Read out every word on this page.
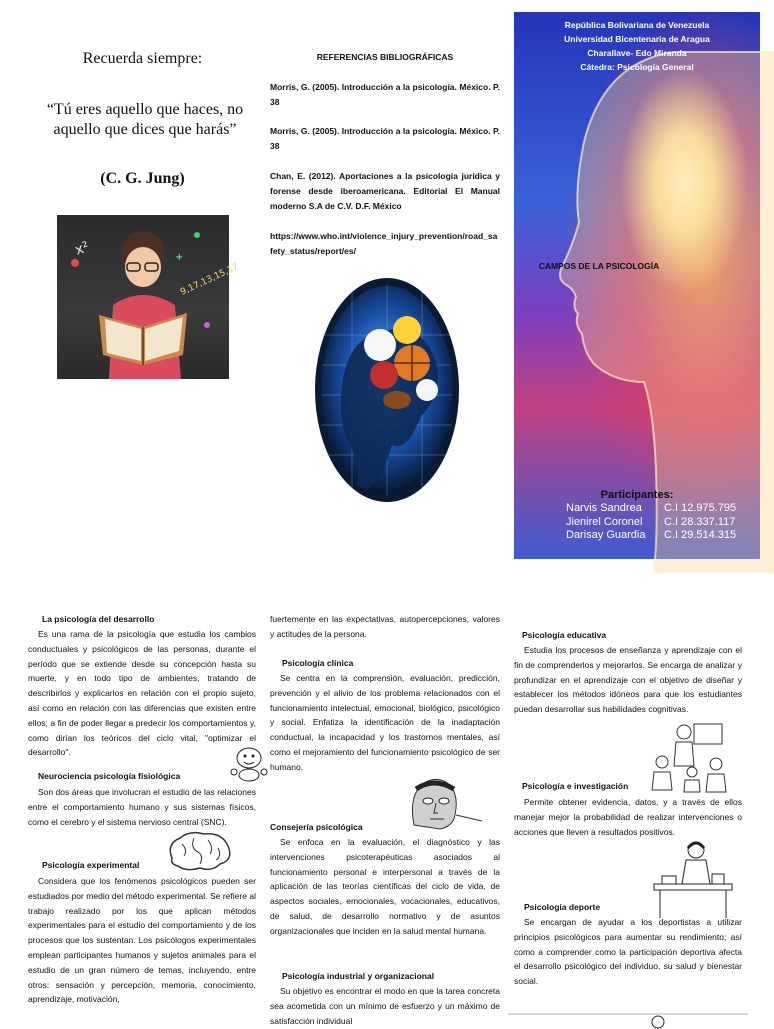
Recuerda siempre:
“Tú eres aquello que haces, no aquello que dices que harás”
(C. G. Jung)
x²	+
9,17,13,15,17
REFERENCIAS BIBLIOGRÁFICAS
Morris, G. (2005). Introducción a la psicología. México. P. 38
Morris, G. (2005). Introducción a la psicología. México. P. 38
Chan, E. (2012). Aportaciones a la psicología jurídica y forense desde iberoamericana. Editorial El Manual moderno S.A de C.V. D.F. México
https://www.who.int/violence_injury_prevention/road_safety_status/report/es/
República Bolivariana de Venezuela
Universidad Bicentenaria de Aragua
Charallave- Edo Miranda
Cátedra: Psicología General
CAMPOS DE LA PSICOLOGÍA
Participantes:
Narvis Sandrea C.I 12.975.795
Jienirel Coronel C.I 28.337.117
Darisay Guardia C.I 29.514.315
La psicología del desarrollo
Es una rama de la psicología que estudia los cambios conductuales y psicológicos de las personas, durante el período que se extiende desde su concepción hasta su muerte, y en todo tipo de ambientes, tratando de describirlos y explicarlos en relación con el propio sujeto, así como en relación con las diferencias que existen entre ellos; a fin de poder llegar a predecir los comportamientos y, como dirían los teóricos del ciclo vital, "optimizar el desarrollo".
Neurociencia psicología fisiológica
Son dos áreas que involucran el estudio de las relaciones entre el comportamiento humano y sus sistemas físicos, como el cerebro y el sistema nervioso central (SNC).
Psicología experimental
Considera que los fenómenos psicológicos pueden ser estudiados por medio del método experimental. Se refiere al trabajo realizado por los que aplican métodos experimentales para el estudio del comportamiento y de los procesos que los sustentan. Los psicólogos experimentales emplean participantes humanos y sujetos animales para el estudio de un gran número de temas, incluyendo, entre otros: sensación y percepción, memoria, conocimiento, aprendizaje, motivación,
fuertemente en las expectativas, autopercepciones, valores y actitudes de la persona.
Psicología clínica
Se centra en la comprensión, evaluación, predicción, prevención y el alivio de los problema relacionados con el funcionamiento intelectual, emocional, biológico, psicológico y social. Enfatiza la identificación de la inadaptación conductual, la incapacidad y los trastornos mentales, así como el mejoramiento del funcionamiento psicológico de ser humano.
Consejería psicológica
Se enfoca en la evaluación, el diagnóstico y las intervenciones psicoterapéuticas asociados al funcionamiento personal e interpersonal a través de la aplicación de las teorías científicas del ciclo de vida, de aspectos sociales, emocionales, vocacionales, educativos, de salud, de desarrollo normativo y de asuntos organizacionales que inciden en la salud mental humana.
Psicología industrial y organizacional
Su objetivo es encontrar el modo en que la tarea concreta sea acometida con un mínimo de esfuerzo y un máximo de satisfacción individual
Psicología educativa
Estudia los procesos de enseñanza y aprendizaje con el fin de comprenderlos y mejorarlos. Se encarga de analizar y profundizar en el aprendizaje con el objetivo de diseñar y establecer los métodos idóneos para que los estudiantes puedan desarrollar sus habilidades cognitivas.
Psicología e investigación
Permite obtener evidencia, datos, y a través de ellos manejar mejor la probabilidad de realizar intervenciones o acciones que lleven a resultados positivos.
Psicología deporte
Se encargan de ayudar a los deportistas a utilizar principios psicológicos para aumentar su rendimiento; así como a comprender como la participación deportiva afecta el desarrollo psicológico del individuo, su salud y bienestar social.
